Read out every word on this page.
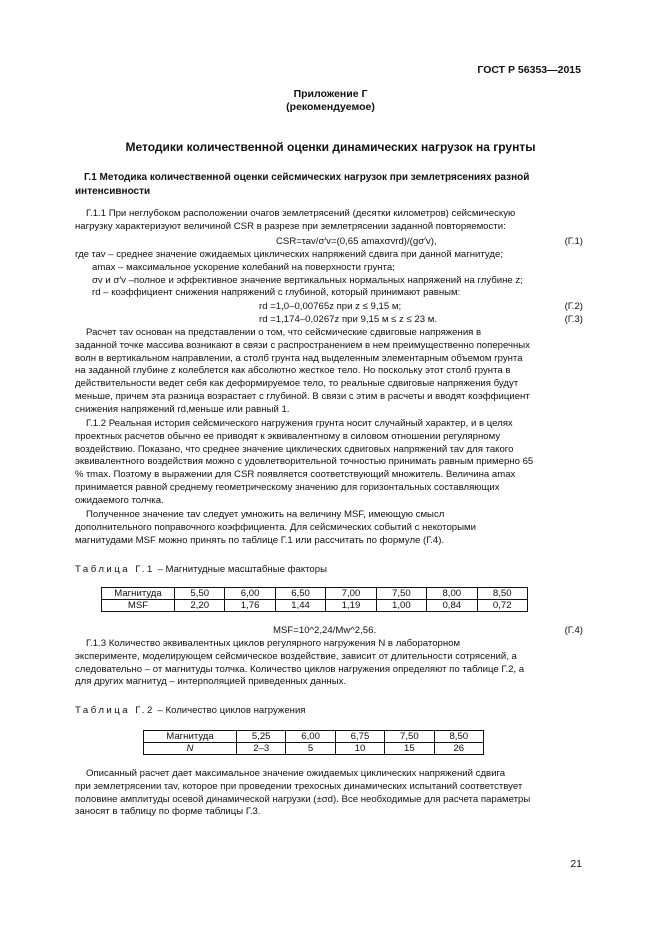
ГОСТ Р 56353—2015
Приложение Г
(рекомендуемое)
Методики количественной оценки динамических нагрузок на грунты
Г.1 Методика количественной оценки сейсмических нагрузок при землетрясениях разной интенсивности
Г.1.1 При неглубоком расположении очагов землетрясений (десятки километров) сейсмическую
нагрузку характеризуют величиной CSR в разрезе при землетрясении заданной повторяемости:
CSR=τav/σ′v=(0,65 amaxσvrd)/(gσ′v),	(Г.1)
где τav – среднее значение ожидаемых циклических напряжений сдвига при данной магнитуде;
amax – максимальное ускорение колебаний на поверхности грунта;
σv и σ′v –полное и эффективное значение вертикальных нормальных напряжений на глубине z;
rd – коэффициент снижения напряжений с глубиной, который принимают равным:
rd =1,0–0,00765z при z ≤ 9,15 м;	(Г.2)
rd =1,174–0,0267z при 9,15 м ≤ z ≤ 23 м.	(Г.3)
Расчет τav основан на представлении о том, что сейсмические сдвиговые напряжения в
заданной точке массива возникают в связи с распространением в нем преимущественно поперечных
волн в вертикальном направлении, а столб грунта над выделенным элементарным объемом грунта
на заданной глубине z колеблется как абсолютно жесткое тело. Но поскольку этот столб грунта в
действительности ведет себя как деформируемое тело, то реальные сдвиговые напряжения будут
меньше, причем эта разница возрастает с глубиной. В связи с этим в расчеты и вводят коэффициент
снижения напряжений rd,меньше или равный 1.
Г.1.2 Реальная история сейсмического нагружения грунта носит случайный характер, и в целях
проектных расчетов обычно ее приводят к эквивалентному в силовом отношении регулярному
воздействию. Показано, что среднее значение циклических сдвиговых напряжений τav для такого
эквивалентного воздействия можно с удовлетворительной точностью принимать равным примерно 65
% τmax. Поэтому в выражении для CSR появляется соответствующий множитель. Величина amax
принимается равной среднему геометрическому значению для горизонтальных составляющих
ожидаемого толчка.
Полученное значение τav следует умножить на величину MSF, имеющую смысл
дополнительного поправочного коэффициента. Для сейсмических событий с некоторыми
магнитудами MSF можно принять по таблице Г.1 или рассчитать по формуле (Г.4).
Таблица Г.1 – Магнитудные масштабные факторы
Магнитуда	5,50	6,00	6,50	7,00	7,50	8,00	8,50
MSF	2,20	1,76	1,44	1,19	1,00	0,84	0,72
MSF=10^2,24/Mw^2,56.	(Г.4)
Г.1.3 Количество эквивалентных циклов регулярного нагружения N в лабораторном
эксперименте, моделирующем сейсмическое воздействие, зависит от длительности сотрясений, а
следовательно – от магнитуды толчка. Количество циклов нагружения определяют по таблице Г.2, а
для других магнитуд – интерполяцией приведенных данных.
Таблица Г.2 – Количество циклов нагружения
Магнитуда	5,25	6,00	6,75	7,50	8,50
N	2–3	5	10	15	26
Описанный расчет дает максимальное значение ожидаемых циклических напряжений сдвига
при землетрясении τav, которое при проведении трехосных динамических испытаний соответствует
половине амплитуды осевой динамической нагрузки (±σd). Все необходимые для расчета параметры
заносят в таблицу по форме таблицы Г.3.
21
